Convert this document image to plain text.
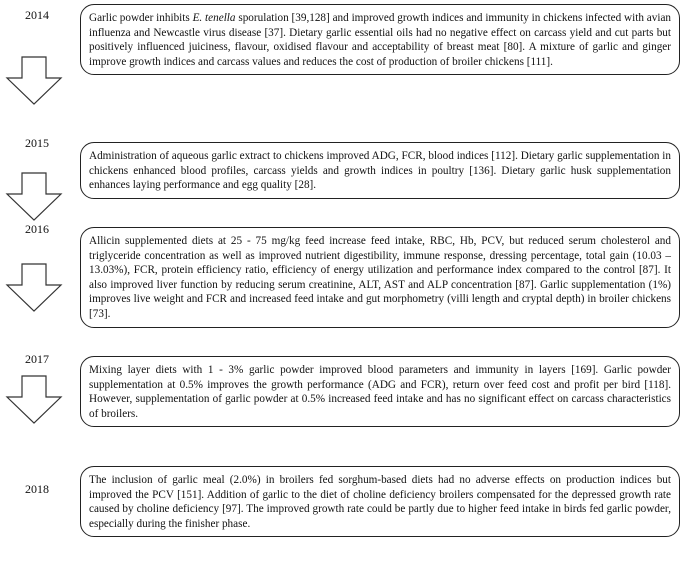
2014	Garlic powder inhibits E. tenella sporulation [39,128] and improved growth indices and immunity in chickens infected with avian influenza and Newcastle virus disease [37]. Dietary garlic essential oils had no negative effect on carcass yield and cut parts but positively influenced juiciness, flavour, oxidised flavour and acceptability of breast meat [80]. A mixture of garlic and ginger improve growth indices and carcass values and reduces the cost of production of broiler chickens [111].
2015
Administration of aqueous garlic extract to chickens improved ADG, FCR, blood indices [112]. Dietary garlic supplementation in chickens enhanced blood profiles, carcass yields and growth indices in poultry [136]. Dietary garlic husk supplementation enhances laying performance and egg quality [28].
2016
Allicin supplemented diets at 25 - 75 mg/kg feed increase feed intake, RBC, Hb, PCV, but reduced serum cholesterol and triglyceride concentration as well as improved nutrient digestibility, immune response, dressing percentage, total gain (10.03 – 13.03%), FCR, protein efficiency ratio, efficiency of energy utilization and performance index compared to the control [87]. It also improved liver function by reducing serum creatinine, ALT, AST and ALP concentration [87]. Garlic supplementation (1%) improves live weight and FCR and increased feed intake and gut morphometry (villi length and cryptal depth) in broiler chickens [73].
2017
Mixing layer diets with 1 - 3% garlic powder improved blood parameters and immunity in layers [169]. Garlic powder supplementation at 0.5% improves the growth performance (ADG and FCR), return over feed cost and profit per bird [118]. However, supplementation of garlic powder at 0.5% increased feed intake and has no significant effect on carcass characteristics of broilers.
2018
The inclusion of garlic meal (2.0%) in broilers fed sorghum-based diets had no adverse effects on production indices but improved the PCV [151]. Addition of garlic to the diet of choline deficiency broilers compensated for the depressed growth rate caused by choline deficiency [97]. The improved growth rate could be partly due to higher feed intake in birds fed garlic powder, especially during the finisher phase.
